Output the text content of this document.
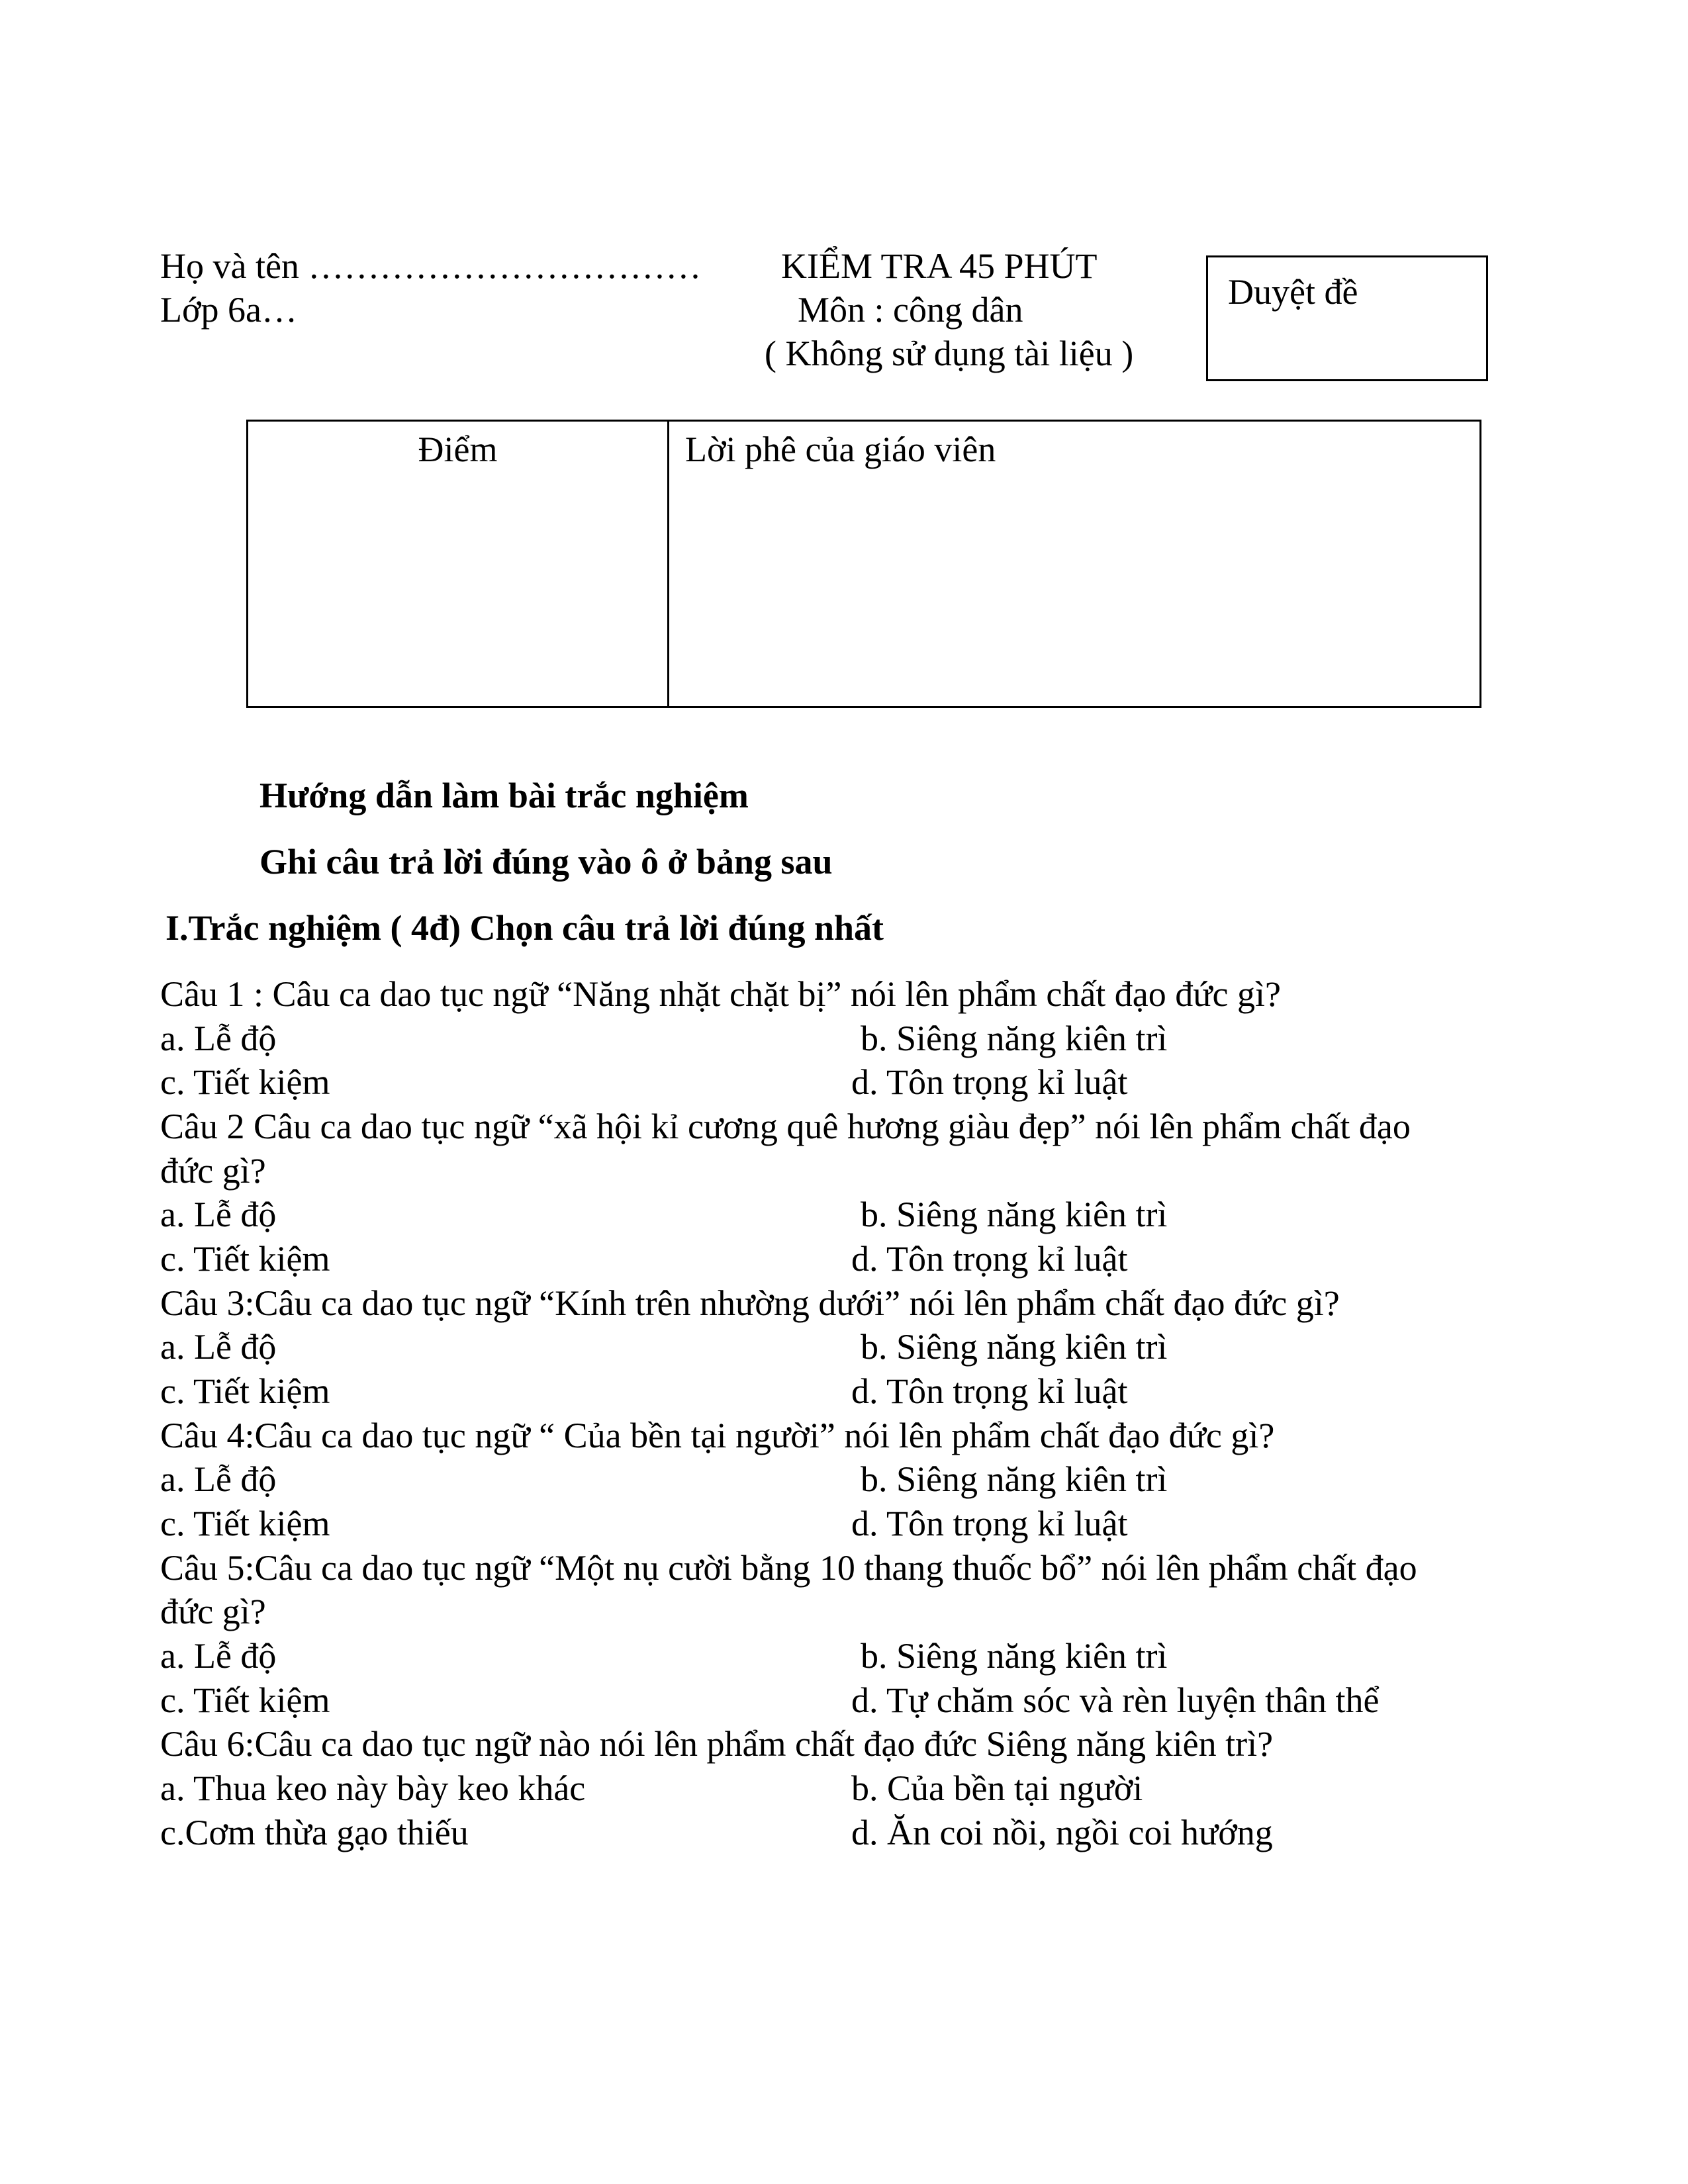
Họ và tên ……………………………
Lớp 6a…
KIỂM TRA 45 PHÚT
Môn : công dân
( Không sử dụng tài liệu )
Duyệt đề
Điểm	Lời phê của giáo viên
Hướng dẫn làm bài trắc nghiệm
Ghi câu trả lời đúng vào ô ở bảng sau
I.Trắc nghiệm ( 4đ) Chọn câu trả lời đúng nhất
Câu 1 : Câu ca dao tục ngữ “Năng nhặt chặt bị” nói lên phẩm chất đạo đức gì?
a. Lễ độ	b. Siêng năng kiên trì
c. Tiết kiệm	d. Tôn trọng kỉ luật
Câu 2 Câu ca dao tục ngữ “xã hội kỉ cương quê hương giàu đẹp” nói lên phẩm chất đạo
đức gì?
a. Lễ độ	b. Siêng năng kiên trì
c. Tiết kiệm	d. Tôn trọng kỉ luật
Câu 3:Câu ca dao tục ngữ “Kính trên nhường dưới” nói lên phẩm chất đạo đức gì?
a. Lễ độ	b. Siêng năng kiên trì
c. Tiết kiệm	d. Tôn trọng kỉ luật
Câu 4:Câu ca dao tục ngữ “ Của bền tại người” nói lên phẩm chất đạo đức gì?
a. Lễ độ	b. Siêng năng kiên trì
c. Tiết kiệm	d. Tôn trọng kỉ luật
Câu 5:Câu ca dao tục ngữ “Một nụ cười bằng 10 thang thuốc bổ” nói lên phẩm chất đạo
đức gì?
a. Lễ độ	b. Siêng năng kiên trì
c. Tiết kiệm	d. Tự chăm sóc và rèn luyện thân thể
Câu 6:Câu ca dao tục ngữ nào nói lên phẩm chất đạo đức Siêng năng kiên trì?
a. Thua keo này bày keo khác	b. Của bền tại người
c.Cơm thừa gạo thiếu	d. Ăn coi nồi, ngồi coi hướng
